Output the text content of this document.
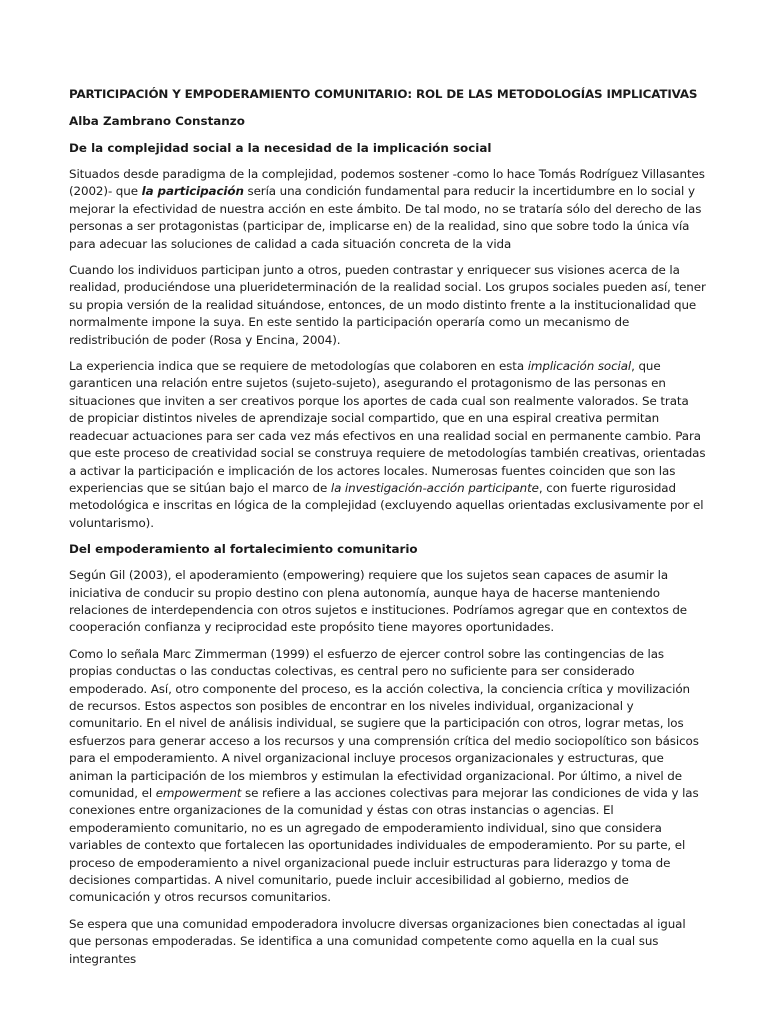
PARTICIPACIÓN Y EMPODERAMIENTO COMUNITARIO: ROL DE LAS METODOLOGÍAS IMPLICATIVAS

Alba Zambrano Constanzo

De la complejidad social a la necesidad de la implicación social

Situados desde paradigma de la complejidad, podemos sostener -como lo hace Tomás Rodríguez Villasantes (2002)- que la participación sería una condición fundamental para reducir la incertidumbre en lo social y mejorar la efectividad de nuestra acción en este ámbito. De tal modo, no se trataría sólo del derecho de las personas a ser protagonistas (participar de, implicarse en) de la realidad, sino que sobre todo la única vía para adecuar las soluciones de calidad a cada situación concreta de la vida

Cuando los individuos participan junto a otros, pueden contrastar y enriquecer sus visiones acerca de la realidad, produciéndose una pluerideterminación de la realidad social. Los grupos sociales pueden así, tener su propia versión de la realidad situándose, entonces, de un modo distinto frente a la institucionalidad que normalmente impone la suya. En este sentido la participación operaría como un mecanismo de redistribución de poder (Rosa y Encina, 2004).

La experiencia indica que se requiere de metodologías que colaboren en esta implicación social, que garanticen una relación entre sujetos (sujeto-sujeto), asegurando el protagonismo de las personas en situaciones que inviten a ser creativos porque los aportes de cada cual son realmente valorados. Se trata de propiciar distintos niveles de aprendizaje social compartido, que en una espiral creativa permitan readecuar actuaciones para ser cada vez más efectivos en una realidad social en permanente cambio. Para que este proceso de creatividad social se construya requiere de metodologías también creativas, orientadas a activar la participación e implicación de los actores locales. Numerosas fuentes coinciden que son las experiencias que se sitúan bajo el marco de la investigación-acción participante, con fuerte rigurosidad metodológica e inscritas en lógica de la complejidad (excluyendo aquellas orientadas exclusivamente por el voluntarismo).

Del empoderamiento al fortalecimiento comunitario

Según Gil (2003), el apoderamiento (empowering) requiere que los sujetos sean capaces de asumir la iniciativa de conducir su propio destino con plena autonomía, aunque haya de hacerse manteniendo relaciones de interdependencia con otros sujetos e instituciones. Podríamos agregar que en contextos de cooperación confianza y reciprocidad este propósito tiene mayores oportunidades.

Como lo señala Marc Zimmerman (1999) el esfuerzo de ejercer control sobre las contingencias de las propias conductas o las conductas colectivas, es central pero no suficiente para ser considerado empoderado. Así, otro componente del proceso, es la acción colectiva, la conciencia crítica y movilización de recursos. Estos aspectos son posibles de encontrar en los niveles individual, organizacional y comunitario. En el nivel de análisis individual, se sugiere que la participación con otros, lograr metas, los esfuerzos para generar acceso a los recursos y una comprensión crítica del medio sociopolítico son básicos para el empoderamiento. A nivel organizacional incluye procesos organizacionales y estructuras, que animan la participación de los miembros y estimulan la efectividad organizacional. Por último, a nivel de comunidad, el empowerment se refiere a las acciones colectivas para mejorar las condiciones de vida y las conexiones entre organizaciones de la comunidad y éstas con otras instancias o agencias. El empoderamiento comunitario, no es un agregado de empoderamiento individual, sino que considera variables de contexto que fortalecen las oportunidades individuales de empoderamiento. Por su parte, el proceso de empoderamiento a nivel organizacional puede incluir estructuras para liderazgo y toma de decisiones compartidas. A nivel comunitario, puede incluir accesibilidad al gobierno, medios de comunicación y otros recursos comunitarios.

Se espera que una comunidad empoderadora involucre diversas organizaciones bien conectadas al igual que personas empoderadas. Se identifica a una comunidad competente como aquella en la cual sus integrantes
